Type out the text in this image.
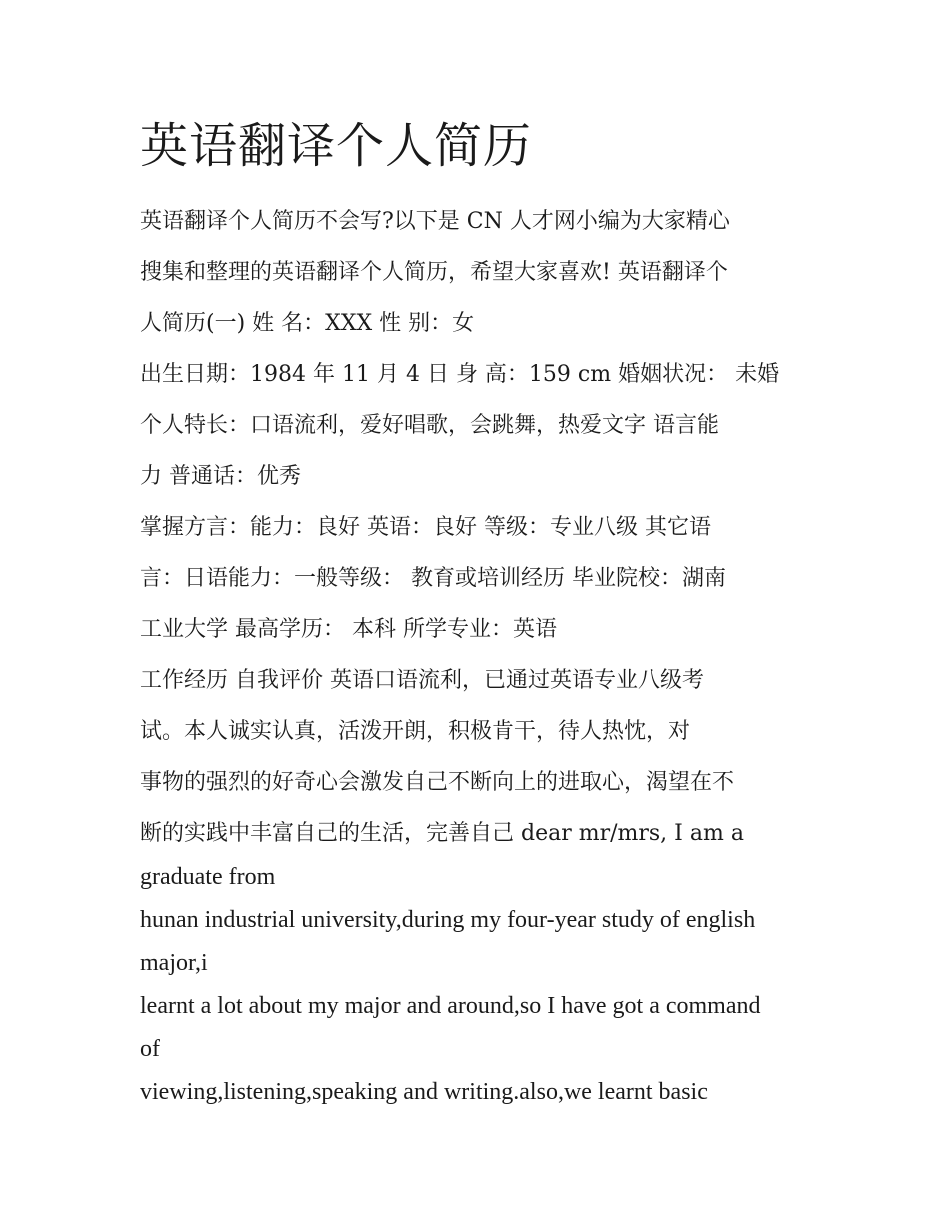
英语翻译个人简历

英语翻译个人简历不会写?以下是 CN 人才网小编为大家精心

搜集和整理的英语翻译个人简历，希望大家喜欢! 英语翻译个

人简历(一) 姓 名：XXX 性 别：女

出生日期：1984 年 11 月 4 日 身 高：159 cm 婚姻状况： 未婚

个人特长：口语流利，爱好唱歌，会跳舞，热爱文字 语言能

力 普通话：优秀

掌握方言：能力：良好 英语：良好 等级：专业八级 其它语

言：日语能力：一般等级： 教育或培训经历 毕业院校：湖南

工业大学 最高学历： 本科 所学专业：英语

工作经历 自我评价 英语口语流利，已通过英语专业八级考

试。本人诚实认真，活泼开朗，积极肯干，待人热忱，对

事物的强烈的好奇心会激发自己不断向上的进取心，渴望在不

断的实践中丰富自己的生活，完善自己 dear mr/mrs, I am a

graduate from

hunan industrial university,during my four-year study of english

major,i

learnt a lot about my major and around,so I have got a command

of

viewing,listening,speaking and writing.also,we learnt basic
